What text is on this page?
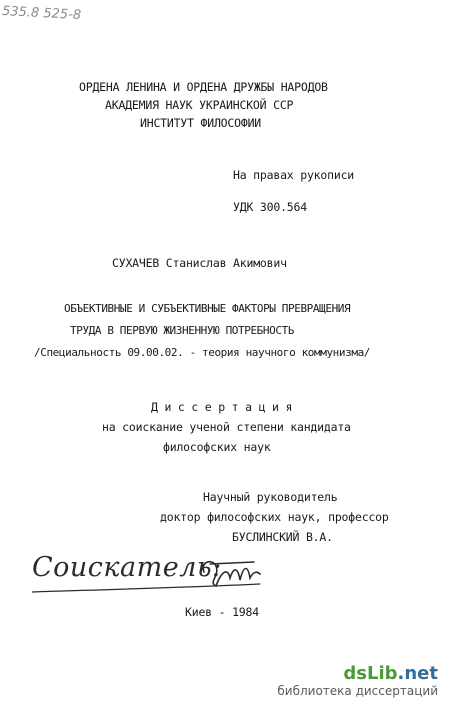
535.8 525-8
ОРДЕНА ЛЕНИНА И ОРДЕНА ДРУЖБЫ НАРОДОВ
АКАДЕМИЯ НАУК УКРАИНСКОЙ ССР
ИНСТИТУТ ФИЛОСОФИИ
На правах рукописи
УДК 300.564
СУХАЧЕВ Станислав Акимович
ОБЪЕКТИВНЫЕ И СУБЪЕКТИВНЫЕ ФАКТОРЫ ПРЕВРАЩЕНИЯ
ТРУДА В ПЕРВУЮ ЖИЗНЕННУЮ ПОТРЕБНОСТЬ
/Специальность 09.00.02. - теория научного коммунизма/
Д и с с е р т а ц и я
на соискание ученой степени кандидата
философских наук
Научный руководитель
доктор философских наук, профессор
БУСЛИНСКИЙ В.А.
Соискатель:
Киев - 1984
dsLib.net
библиотека диссертаций
